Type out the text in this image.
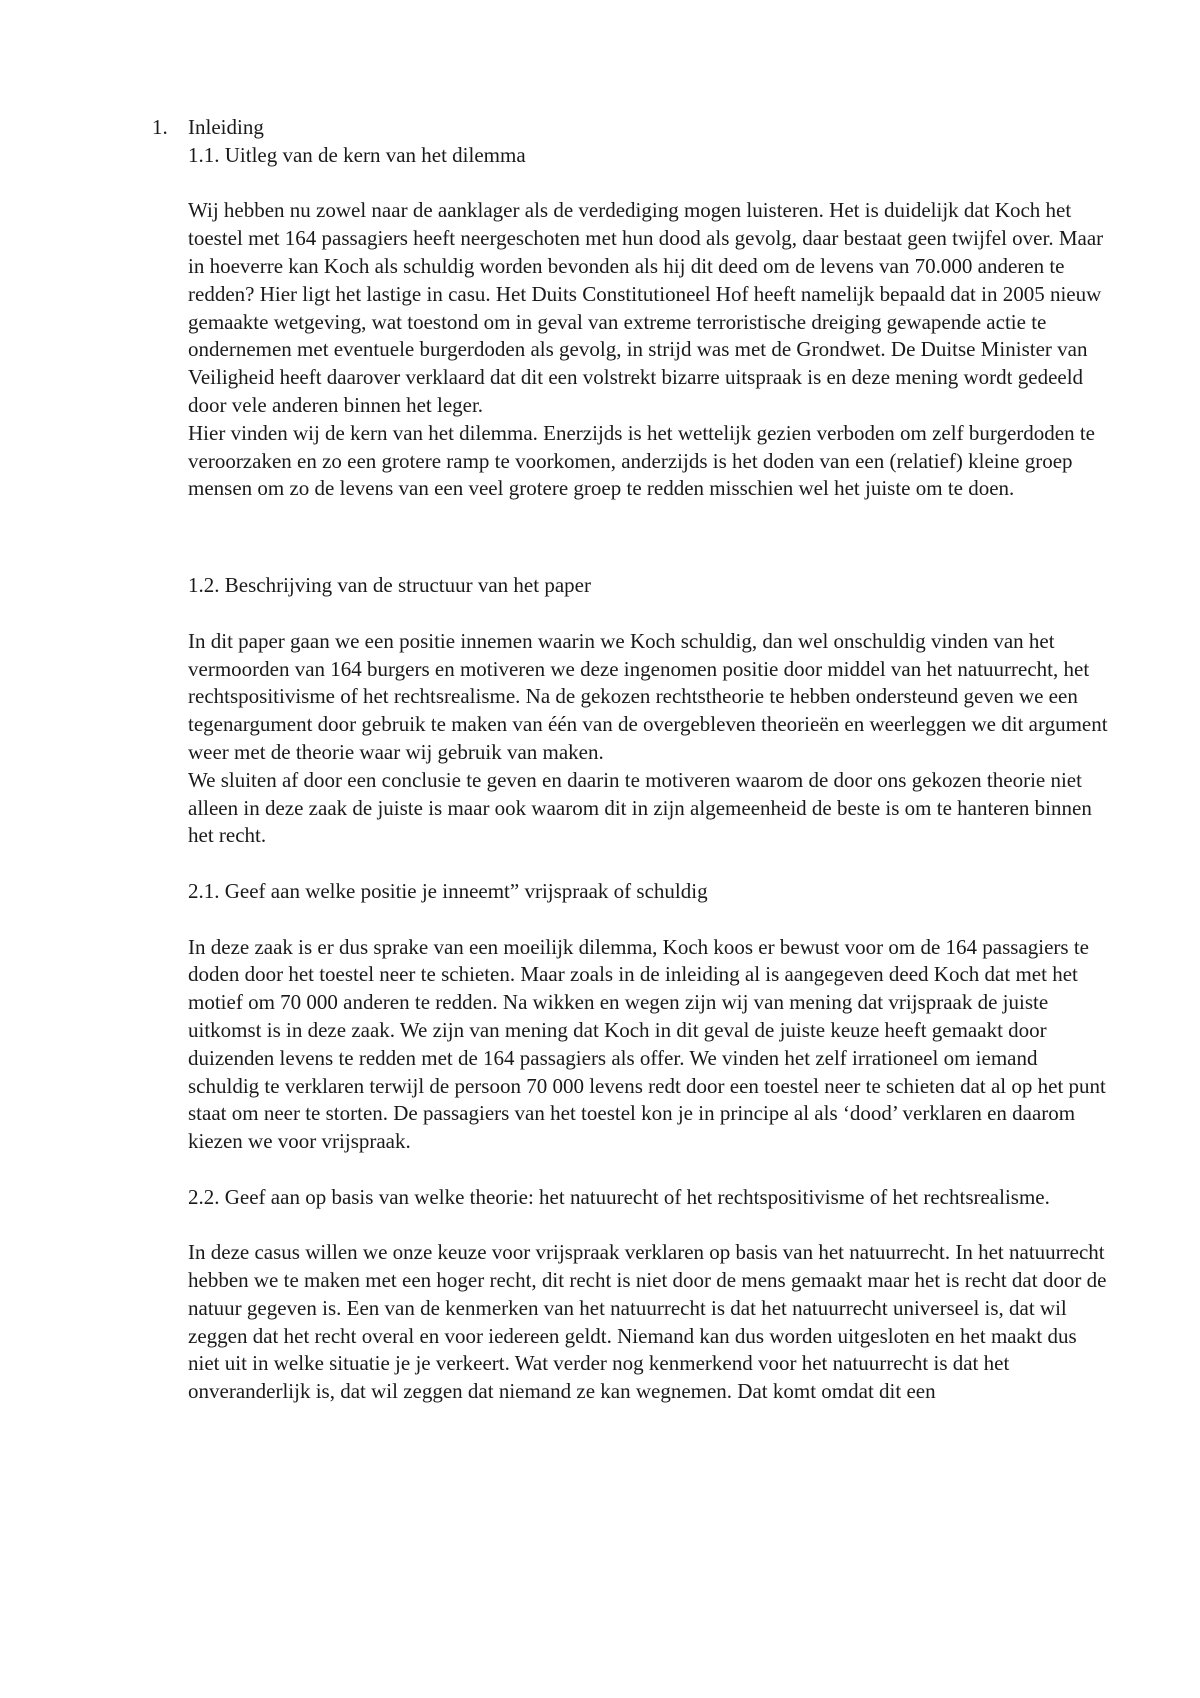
1. Inleiding

1.1. Uitleg van de kern van het dilemma

Wij hebben nu zowel naar de aanklager als de verdediging mogen luisteren. Het is duidelijk dat Koch het toestel met 164 passagiers heeft neergeschoten met hun dood als gevolg, daar bestaat geen twijfel over. Maar in hoeverre kan Koch als schuldig worden bevonden als hij dit deed om de levens van 70.000 anderen te redden? Hier ligt het lastige in casu. Het Duits Constitutioneel Hof heeft namelijk bepaald dat in 2005 nieuw gemaakte wetgeving, wat toestond om in geval van extreme terroristische dreiging gewapende actie te ondernemen met eventuele burgerdoden als gevolg, in strijd was met de Grondwet. De Duitse Minister van Veiligheid heeft daarover verklaard dat dit een volstrekt bizarre uitspraak is en deze mening wordt gedeeld door vele anderen binnen het leger.
Hier vinden wij de kern van het dilemma. Enerzijds is het wettelijk gezien verboden om zelf burgerdoden te veroorzaken en zo een grotere ramp te voorkomen, anderzijds is het doden van een (relatief) kleine groep mensen om zo de levens van een veel grotere groep te redden misschien wel het juiste om te doen.

1.2. Beschrijving van de structuur van het paper

In dit paper gaan we een positie innemen waarin we Koch schuldig, dan wel onschuldig vinden van het vermoorden van 164 burgers en motiveren we deze ingenomen positie door middel van het natuurrecht, het rechtspositivisme of het rechtsrealisme. Na de gekozen rechtstheorie te hebben ondersteund geven we een tegenargument door gebruik te maken van één van de overgebleven theorieën en weerleggen we dit argument weer met de theorie waar wij gebruik van maken.
We sluiten af door een conclusie te geven en daarin te motiveren waarom de door ons gekozen theorie niet alleen in deze zaak de juiste is maar ook waarom dit in zijn algemeenheid de beste is om te hanteren binnen het recht.

2.1. Geef aan welke positie je inneemt” vrijspraak of schuldig

In deze zaak is er dus sprake van een moeilijk dilemma, Koch koos er bewust voor om de 164 passagiers te doden door het toestel neer te schieten. Maar zoals in de inleiding al is aangegeven deed Koch dat met het motief om 70 000 anderen te redden. Na wikken en wegen zijn wij van mening dat vrijspraak de juiste uitkomst is in deze zaak. We zijn van mening dat Koch in dit geval de juiste keuze heeft gemaakt door duizenden levens te redden met de 164 passagiers als offer. We vinden het zelf irrationeel om iemand schuldig te verklaren terwijl de persoon 70 000 levens redt door een toestel neer te schieten dat al op het punt staat om neer te storten. De passagiers van het toestel kon je in principe al als ‘dood’ verklaren en daarom kiezen we voor vrijspraak.

2.2. Geef aan op basis van welke theorie: het natuurecht of het rechtspositivisme of het rechtsrealisme.

In deze casus willen we onze keuze voor vrijspraak verklaren op basis van het natuurrecht. In het natuurrecht hebben we te maken met een hoger recht, dit recht is niet door de mens gemaakt maar het is recht dat door de natuur gegeven is. Een van de kenmerken van het natuurrecht is dat het natuurrecht universeel is, dat wil zeggen dat het recht overal en voor iedereen geldt. Niemand kan dus worden uitgesloten en het maakt dus niet uit in welke situatie je je verkeert. Wat verder nog kenmerkend voor het natuurrecht is dat het onveranderlijk is, dat wil zeggen dat niemand ze kan wegnemen. Dat komt omdat dit een
